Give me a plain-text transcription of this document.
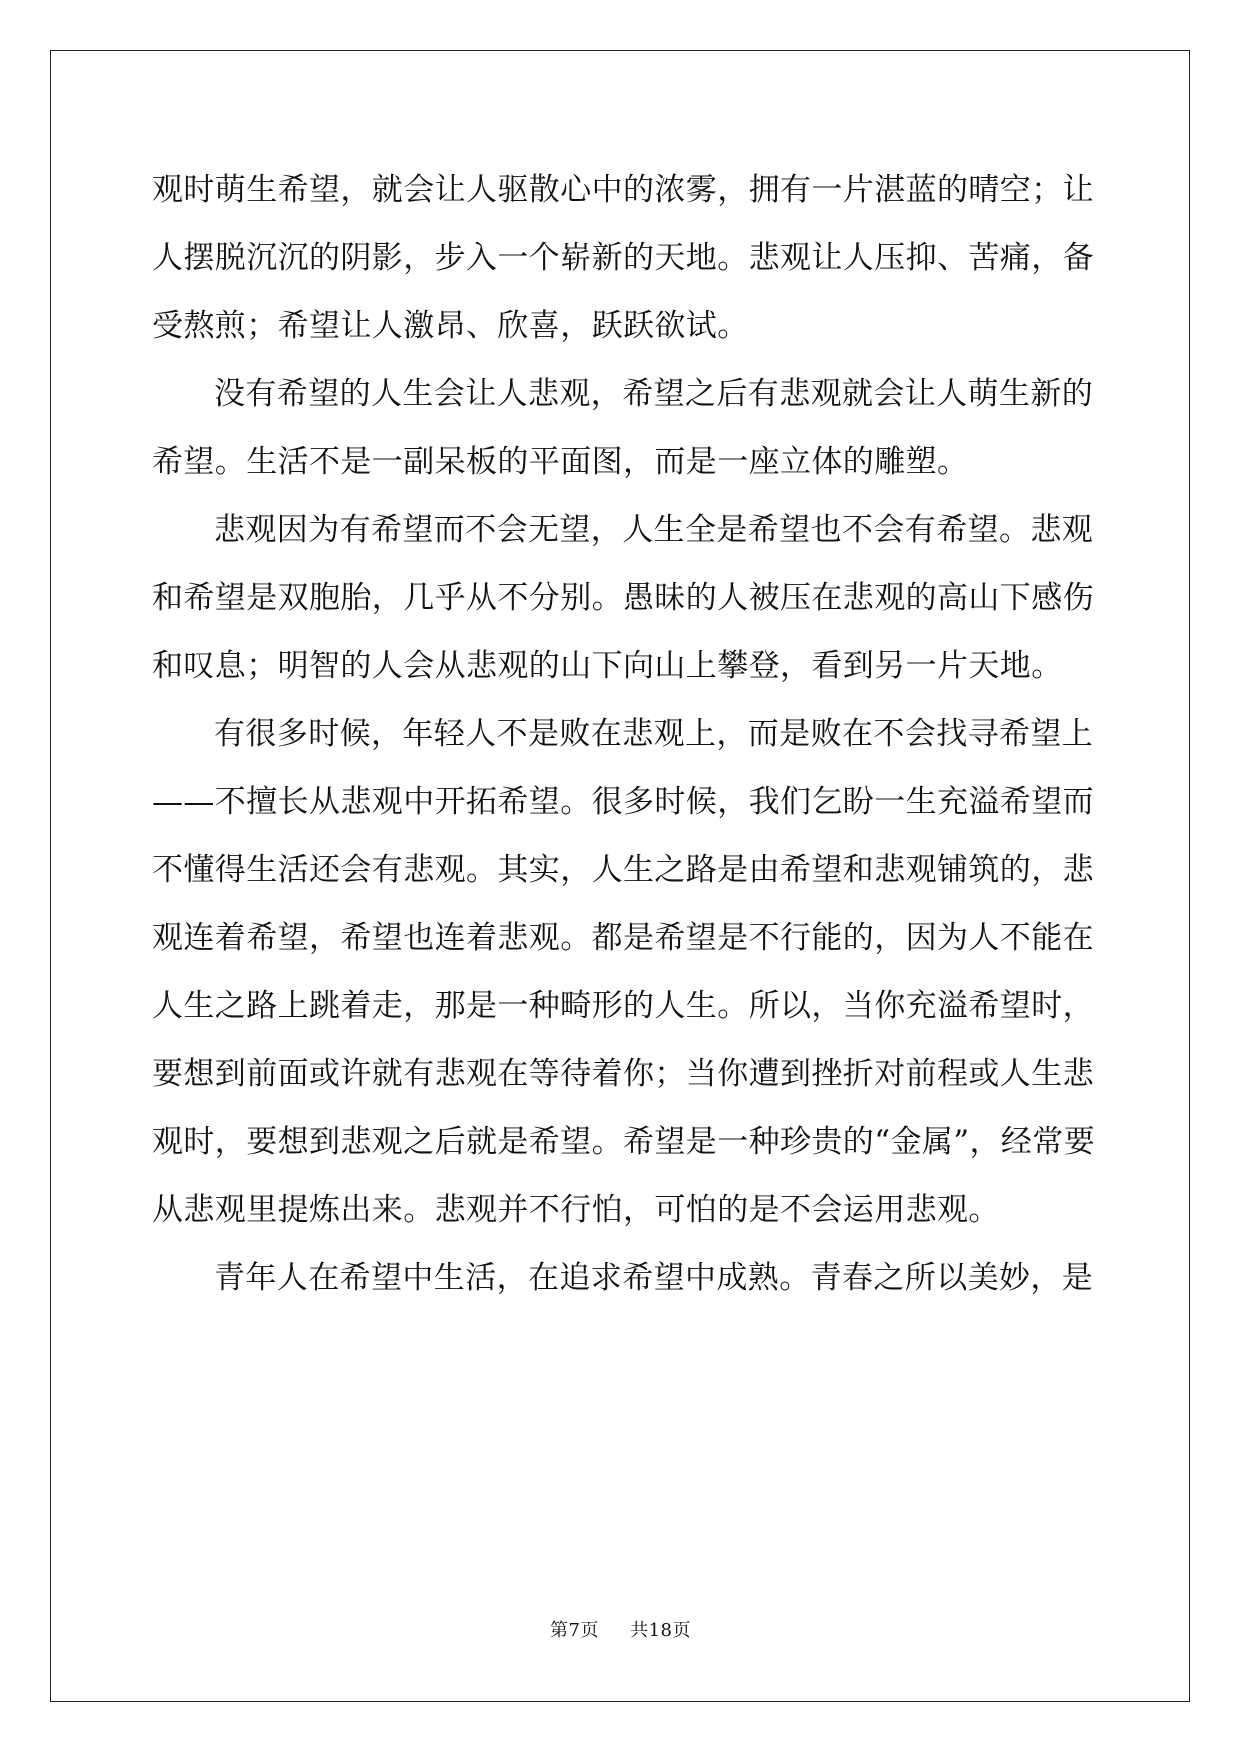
观时萌生希望，就会让人驱散心中的浓雾，拥有一片湛蓝的晴空；让
人摆脱沉沉的阴影，步入一个崭新的天地。悲观让人压抑、苦痛，备
受熬煎；希望让人激昂、欣喜，跃跃欲试。
没有希望的人生会让人悲观，希望之后有悲观就会让人萌生新的
希望。生活不是一副呆板的平面图，而是一座立体的雕塑。
悲观因为有希望而不会无望，人生全是希望也不会有希望。悲观
和希望是双胞胎，几乎从不分别。愚昧的人被压在悲观的高山下感伤
和叹息；明智的人会从悲观的山下向山上攀登，看到另一片天地。
有很多时候，年轻人不是败在悲观上，而是败在不会找寻希望上
——不擅长从悲观中开拓希望。很多时候，我们乞盼一生充溢希望而
不懂得生活还会有悲观。其实，人生之路是由希望和悲观铺筑的，悲
观连着希望，希望也连着悲观。都是希望是不行能的，因为人不能在
人生之路上跳着走，那是一种畸形的人生。所以，当你充溢希望时，
要想到前面或许就有悲观在等待着你；当你遭到挫折对前程或人生悲
观时，要想到悲观之后就是希望。希望是一种珍贵的“金属”，经常要
从悲观里提炼出来。悲观并不行怕，可怕的是不会运用悲观。
青年人在希望中生活，在追求希望中成熟。青春之所以美妙，是
第7页 共18页
